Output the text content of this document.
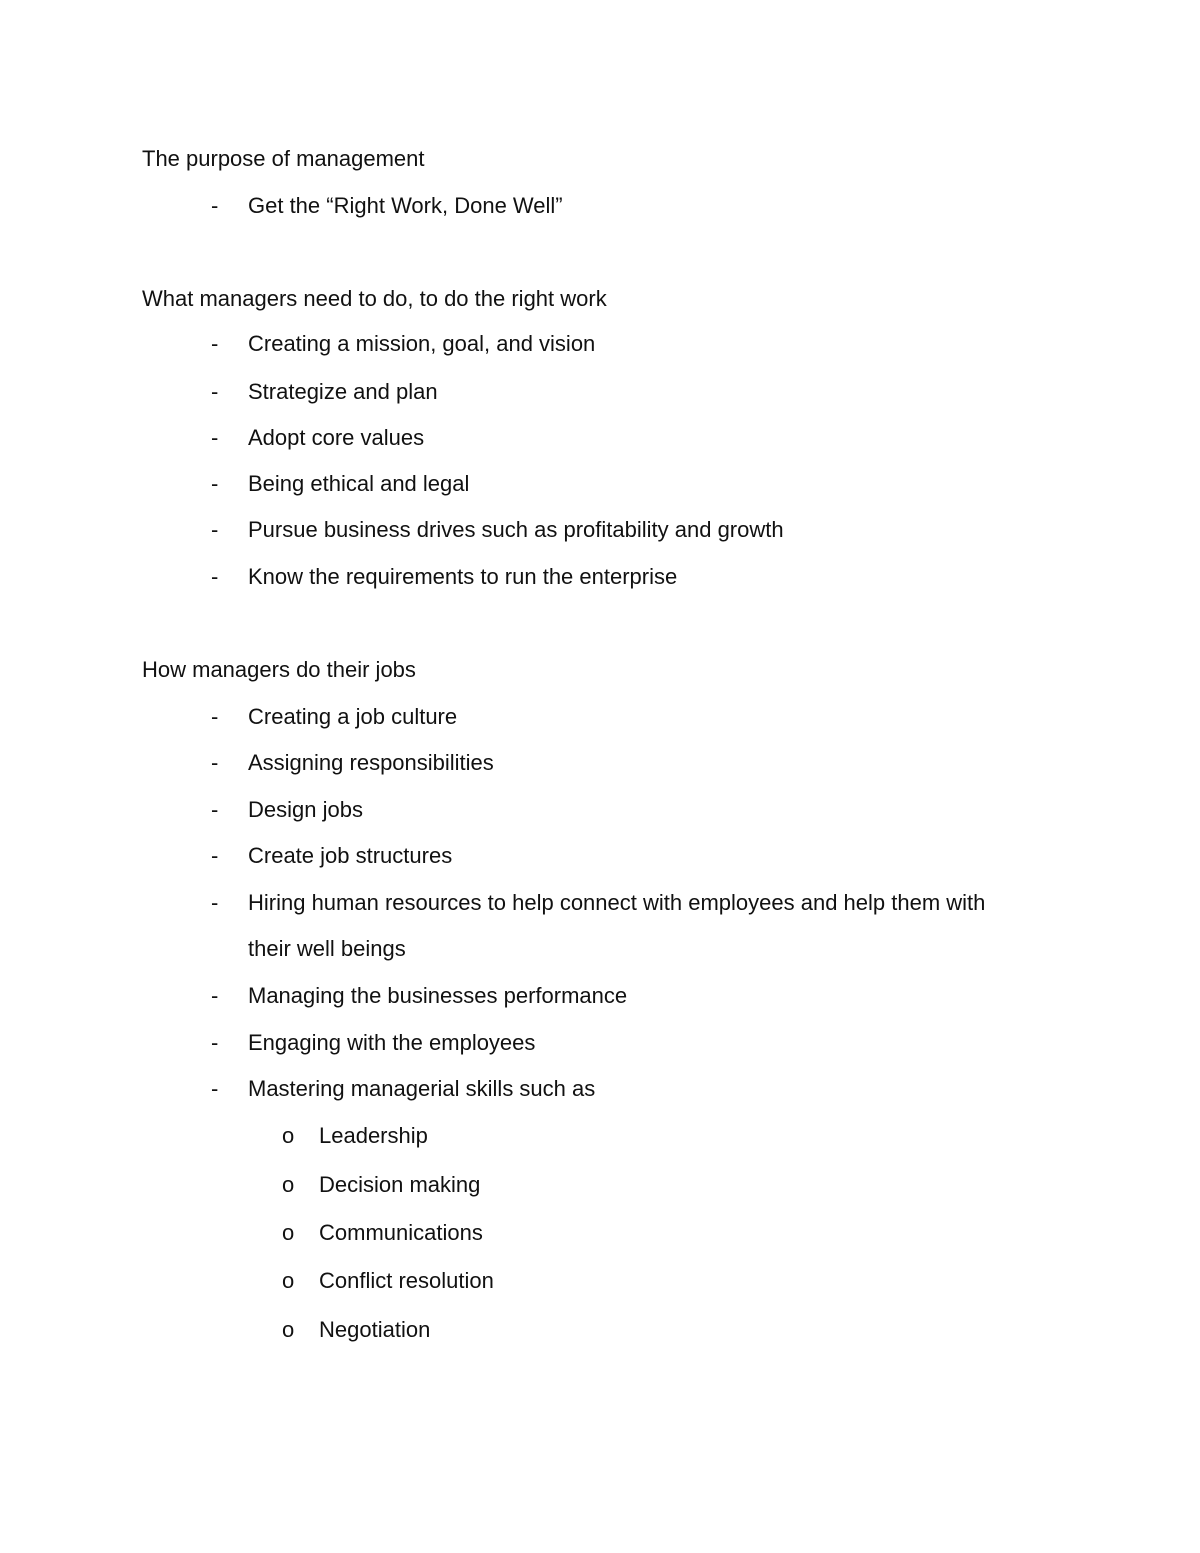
The purpose of management
- Get the “Right Work, Done Well”
What managers need to do, to do the right work
- Creating a mission, goal, and vision
- Strategize and plan
- Adopt core values
- Being ethical and legal
- Pursue business drives such as profitability and growth
- Know the requirements to run the enterprise
How managers do their jobs
- Creating a job culture
- Assigning responsibilities
- Design jobs
- Create job structures
- Hiring human resources to help connect with employees and help them with
their well beings
- Managing the businesses performance
- Engaging with the employees
- Mastering managerial skills such as
o Leadership
o Decision making
o Communications
o Conflict resolution
o Negotiation
